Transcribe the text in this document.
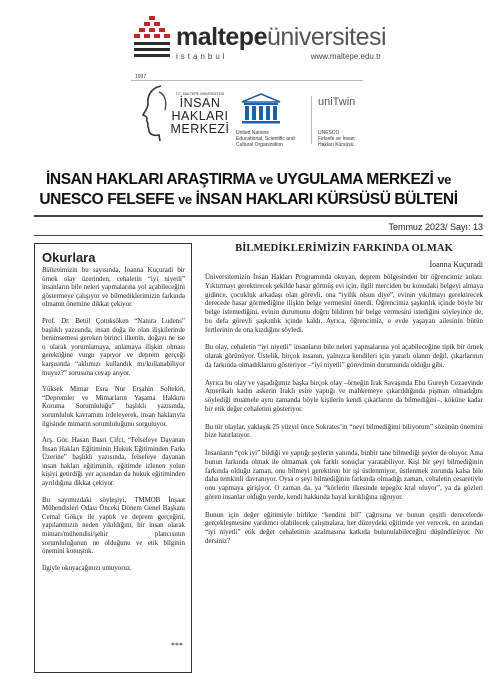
maltepeüniversitesi
istanbul	www.maltepe.edu.tr
1997
T.C. MALTEPE ÜNİVERSİTESİ
İNSAN
HAKLARI
MERKEZİ United Nations
Educational, Scientific and
Cultural Organization
uniTwin
UNESCO
Felsefe ve İnsan
Hakları Kürsüsü
İNSAN HAKLARI ARAŞTIRMA ve UYGULAMA MERKEZİ ve
UNESCO FELSEFE ve İNSAN HAKLARI KÜRSÜSÜ BÜLTENİ
Temmuz 2023/ Sayı: 13
Okurlara

Bültenimizin bu sayısında, İoanna Kuçuradi bir örnek olay üzerinden, cehaletin “iyi niyetli” insanların bile neleri yapmalarına yol açabileceğini göstermeye çalışıyor ve bilmediklerimizin farkında olmanın önemine dikkat çekiyor.

Prof. Dr. Betül Çotuksöken “Natura Ludens” başlıklı yazısında, insan doğa ile olan ilişkilerinde benimsemesi gereken birinci ilkenin, doğayı ne ise o olarak yorumlamaya, anlamaya ilişkin olması gerektiğine vurgu yapıyor ve deprem gerçeği karşısında “aklımızı kullandık mı/kullanabiliyor muyuz?” sorusuna cevap arıyor.

Yüksek Mimar Esra Nur Erşahin Soltekin, “Depremler ve Mimarların Yaşama Hakkını Koruma Sorumluluğu” başlıklı yazısında, sorumluluk kavramını irdeleyerek, insan haklarıyla ilgisinde mimarın sorumluluğunu sorguluyor.

Arş. Gör. Hasan Basri Çifci, “Felsefeye Dayanan İnsan Hakları Eğitiminin Hukuk Eğitiminden Farkı Üzerine” başlıklı yazısında, felsefeye dayanan insan hakları eğitiminin, eğitimde izlenen yolun kişiyi getirdiği yer açısından da hukuk eğitiminden ayrıldığına dikkat çekiyor.

Bu sayımızdaki söyleşiyi, TMMOB İnşaat Mühendisleri Odası Önceki Dönem Genel Başkanı Cemal Gökçe ile yaptık ve deprem gerçeğini, yapılanmızın neden yıkıldığını, bir insan olarak mimarı/mühendisi/şehir plancısının sorumluluğunun ne olduğunu ve etik bilginin önemini konuştuk.

İlgiyle okuyacağınızı umuyoruz.

***
BİLMEDİKLERİMİZİN FARKINDA OLMAK
İoanna Kuçuradi

Üniversitemizin İnsan Hakları Programında okuyan, deprem bölgesinden bir öğrencimiz anlatı: Yıktırmayı gerektirecek şekilde hasar görmüş evi için, ilgili merciden bu konudaki belgeyi almaya gidince, çocukluk arkadaşı olan görevli, ona “iyilik olsun diye”, evinin yıkılmayı gerektirecek derecede hasar görmediğine ilişkin belge vermesini önerdi. Öğrencimiz şaşkınlık içinde böyle bir belge istemediğini, evinin durumunu doğru bildiren bir belge vermesini istediğini söyleyince de, bu defa görevli şaşkınlık içinde kaldı. Ayrıca, öğrencimiz, o evde yaşayan ailesinin bütün fertlerinin de ona kızdığını söyledi.

Bu olay, cehaletin “iyi niyetli” insanların bile neleri yapmalarına yol açabileceğine tipik bir örnek olarak görünüyor. Üstelik, birçok insanın, yalnızca kendileri için yararlı olanın değil, çıkarlarının da farkında olmadıklarını gösteriyor –“iyi niyetli” görevlinin durumunda olduğu gibi.

Ayrıca bu olay ve yaşadığımız başka birçok olay –örneğin Irak Savaşında Ebu Gureyb Cezaevinde Amerikalı kadın askerin Iraklı esire yaptığı ve mahkemeye çıkarıldığında pişman olmadığını söylediği muamele aynı zamanda böyle kişilerin kendi çıkarlarını da bilmediğini–, köküne kadar bir etik değer cehaletini gösteriyor.

Bu tür olaylar, yaklaşık 25 yüzyıl önce Sokrates’in “neyi bilmediğimi biliyorum” sözünün önemini bize hatırlatıyor.

İnsanların “çok iyi” bildiği ve yaptığı şeylerin yanında, binbir tane bilmediği şeyler de oluyor. Ama bunun farkında olmak ile olmamak çok farklı sonuçlar yaratabiliyor. Kişi bir şeyi bilmediğinin farkında olduğu zaman, onu bilmeyi gerektiren bir işi üstlenmiyor, üstlenmek zorunda kalsa bile daha temkinli davranıyor. Oysa o şeyi bilmediğinin farkında olmadığı zaman, cehaletin cesaretiyle onu yapmaya girişiyor. O zaman da, ya “körlerin ilkesinde tepegöz kral oluyor”, ya da gözleri gören insanlar olduğu yerde, kendi hakkında hayal kırıklığına uğruyor.

Bunun için değer eğitimiyle birlikte “kendini bil” çağrısına ve bunun çeşitli derecelerde gerçekleşmesine yardımcı olabilecek çalışmalara, her düzeydeki eğitimde yer verecek, en azından “iyi niyetli” etik değer cehaletinin azalmasına katkıda bulunulabileceğini düşündürüyor. Ne dersiniz?
